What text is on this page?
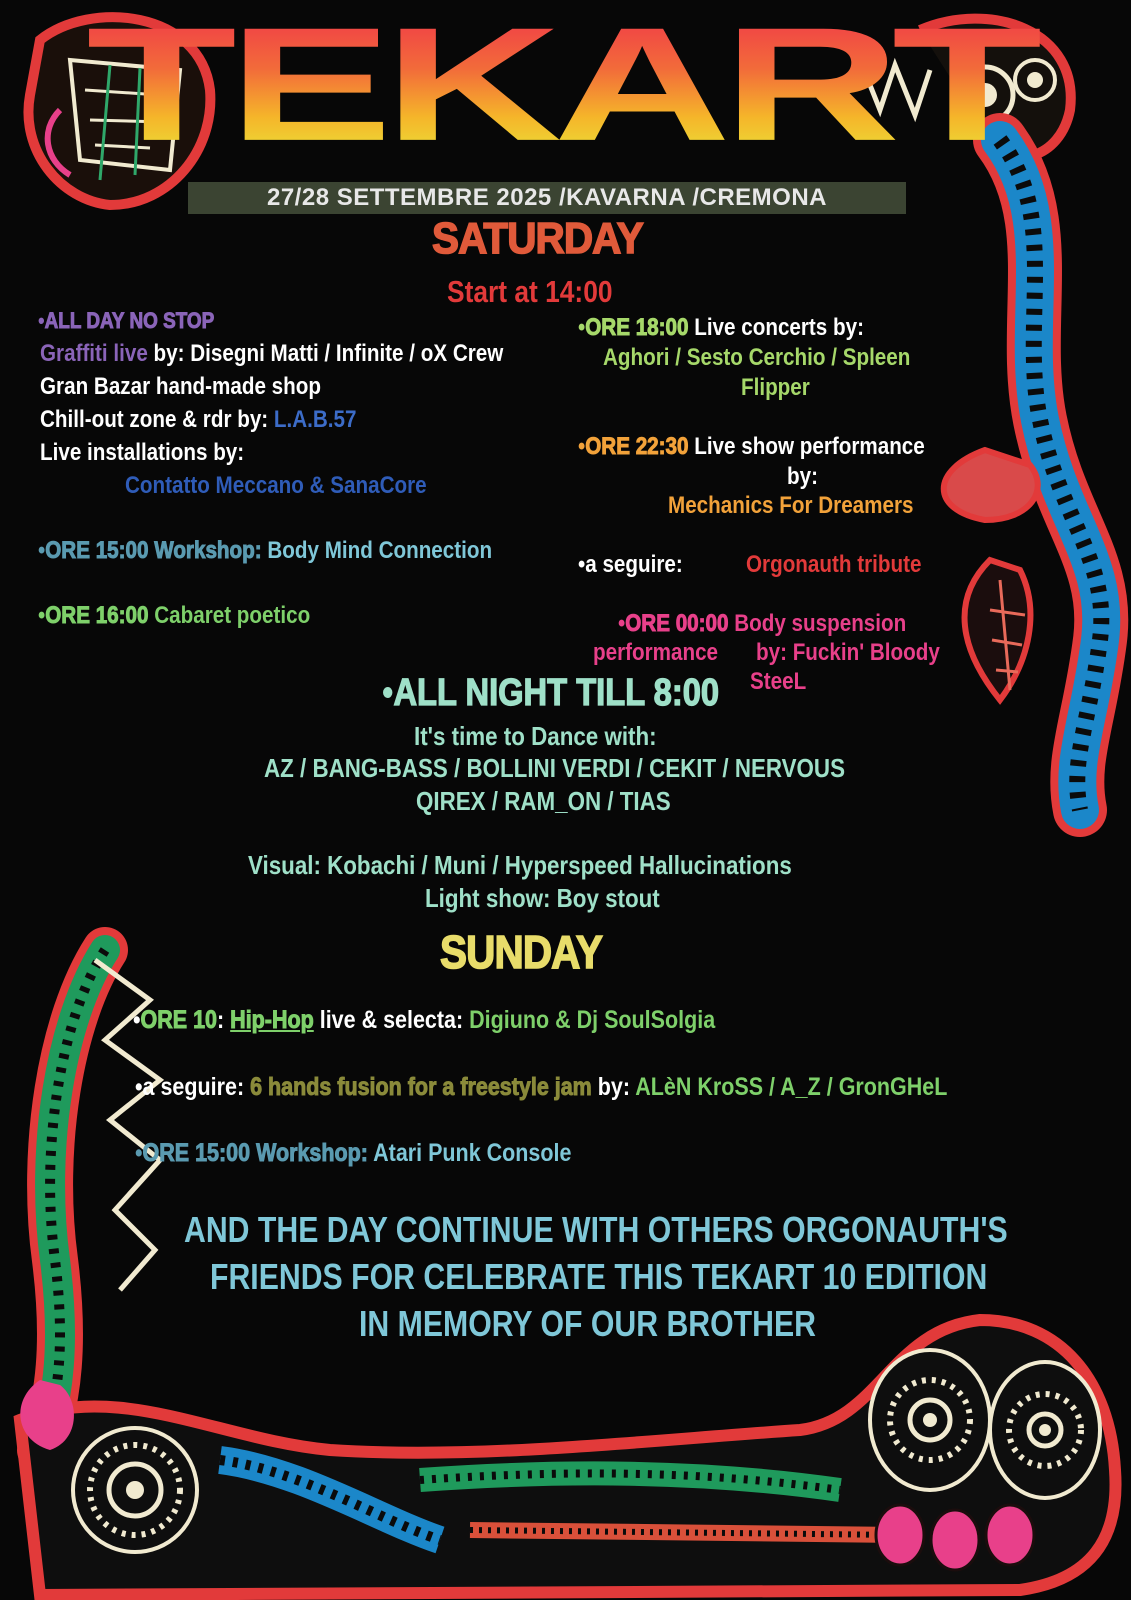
TEKART
27/28 SETTEMBRE 2025 /KAVARNA /CREMONA
SATURDAY
Start at 14:00
•ALL DAY NO STOP
Graffiti live by: Disegni Matti / Infinite / oX Crew
Gran Bazar hand-made shop
Chill-out zone & rdr by: L.A.B.57
Live installations by:
Contatto Meccano & SanaCore
•ORE 15:00 Workshop: Body Mind Connection
•ORE 16:00 Cabaret poetico
•ORE 18:00 Live concerts by:
Aghori / Sesto Cerchio / Spleen
Flipper
•ORE 22:30 Live show performance
by:
Mechanics For Dreamers
•a seguire:	Orgonauth tribute
•ORE 00:00 Body suspension
performance by: Fuckin' Bloody
SteeL
•ALL NIGHT TILL 8:00
It's time to Dance with:
AZ / BANG-BASS / BOLLINI VERDI / CEKIT / NERVOUS
QIREX / RAM_ON / TIAS
Visual: Kobachi / Muni / Hyperspeed Hallucinations
Light show: Boy stout
SUNDAY
•ORE 10: Hip-Hop live & selecta: Digiuno & Dj SoulSolgia
•a seguire: 6 hands fusion for a freestyle jam by: ALèN KroSS / A_Z / GronGHeL
•ORE 15:00 Workshop: Atari Punk Console
AND THE DAY CONTINUE WITH OTHERS ORGONAUTH'S
FRIENDS FOR CELEBRATE THIS TEKART 10 EDITION
IN MEMORY OF OUR BROTHER
